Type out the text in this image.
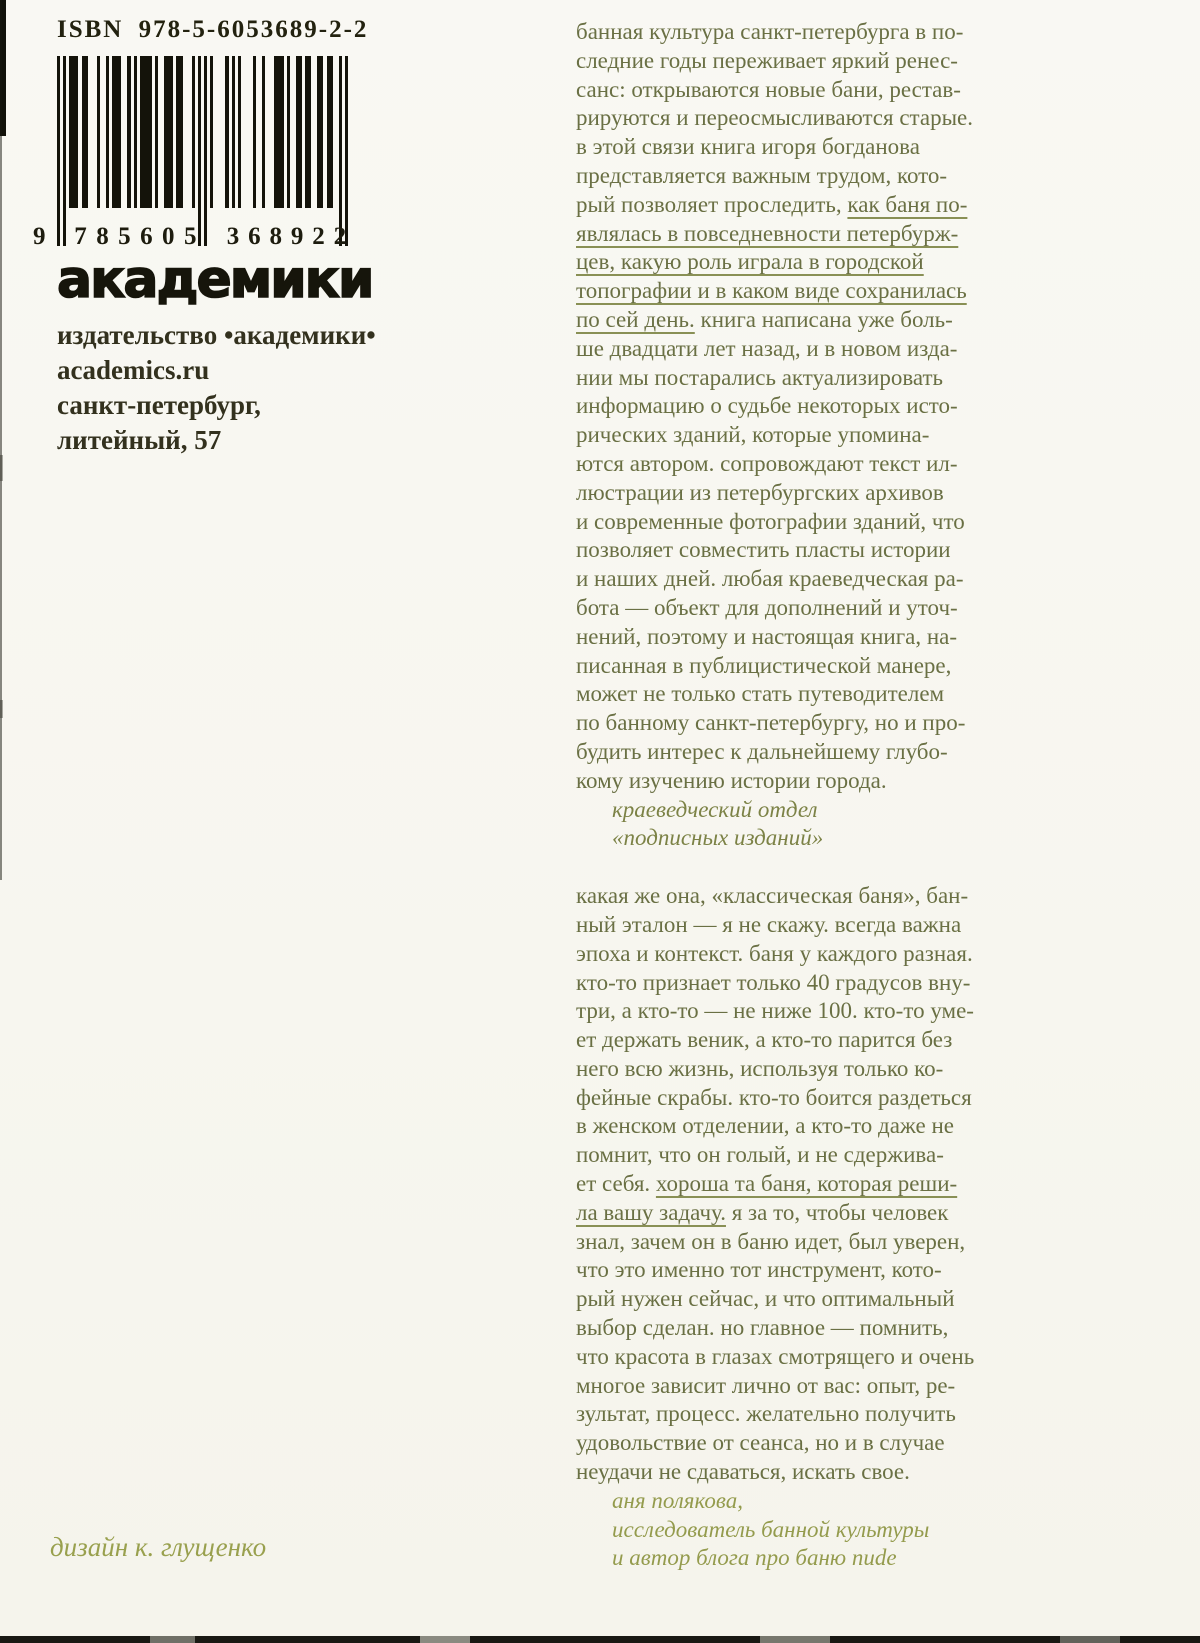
ISBN 978-5-6053689-2-2
9	7 8 5 6 0 5 3 6 8 9 2 2
академики
издательство •академики•
academics.ru
санкт-петербург,
литейный, 57
дизайн к. глущенко
банная культура санкт-петербурга в по-
следние годы переживает яркий ренес-
санс: открываются новые бани, рестав-
рируются и переосмысливаются старые.
в этой связи книга игоря богданова
представляется важным трудом, кото-
рый позволяет проследить, как баня по-
являлась в повседневности петербурж-
цев, какую роль играла в городской
топографии и в каком виде сохранилась
по сей день. книга написана уже боль-
ше двадцати лет назад, и в новом изда-
нии мы постарались актуализировать
информацию о судьбе некоторых исто-
рических зданий, которые упомина-
ются автором. сопровождают текст ил-
люстрации из петербургских архивов
и современные фотографии зданий, что
позволяет совместить пласты истории
и наших дней. любая краеведческая ра-
бота — объект для дополнений и уточ-
нений, поэтому и настоящая книга, на-
писанная в публицистической манере,
может не только стать путеводителем
по банному санкт-петербургу, но и про-
будить интерес к дальнейшему глубо-
кому изучению истории города.
краеведческий отдел
«подписных изданий»
какая же она, «классическая баня», бан-
ный эталон — я не скажу. всегда важна
эпоха и контекст. баня у каждого разная.
кто-то признает только 40 градусов вну-
три, а кто-то — не ниже 100. кто-то уме-
ет держать веник, а кто-то парится без
него всю жизнь, используя только ко-
фейные скрабы. кто-то боится раздеться
в женском отделении, а кто-то даже не
помнит, что он голый, и не сдержива-
ет себя. хороша та баня, которая реши-
ла вашу задачу. я за то, чтобы человек
знал, зачем он в баню идет, был уверен,
что это именно тот инструмент, кото-
рый нужен сейчас, и что оптимальный
выбор сделан. но главное — помнить,
что красота в глазах смотрящего и очень
многое зависит лично от вас: опыт, ре-
зультат, процесс. желательно получить
удовольствие от сеанса, но и в случае
неудачи не сдаваться, искать свое.
аня полякова,
исследователь банной культуры
и автор блога про баню nude
